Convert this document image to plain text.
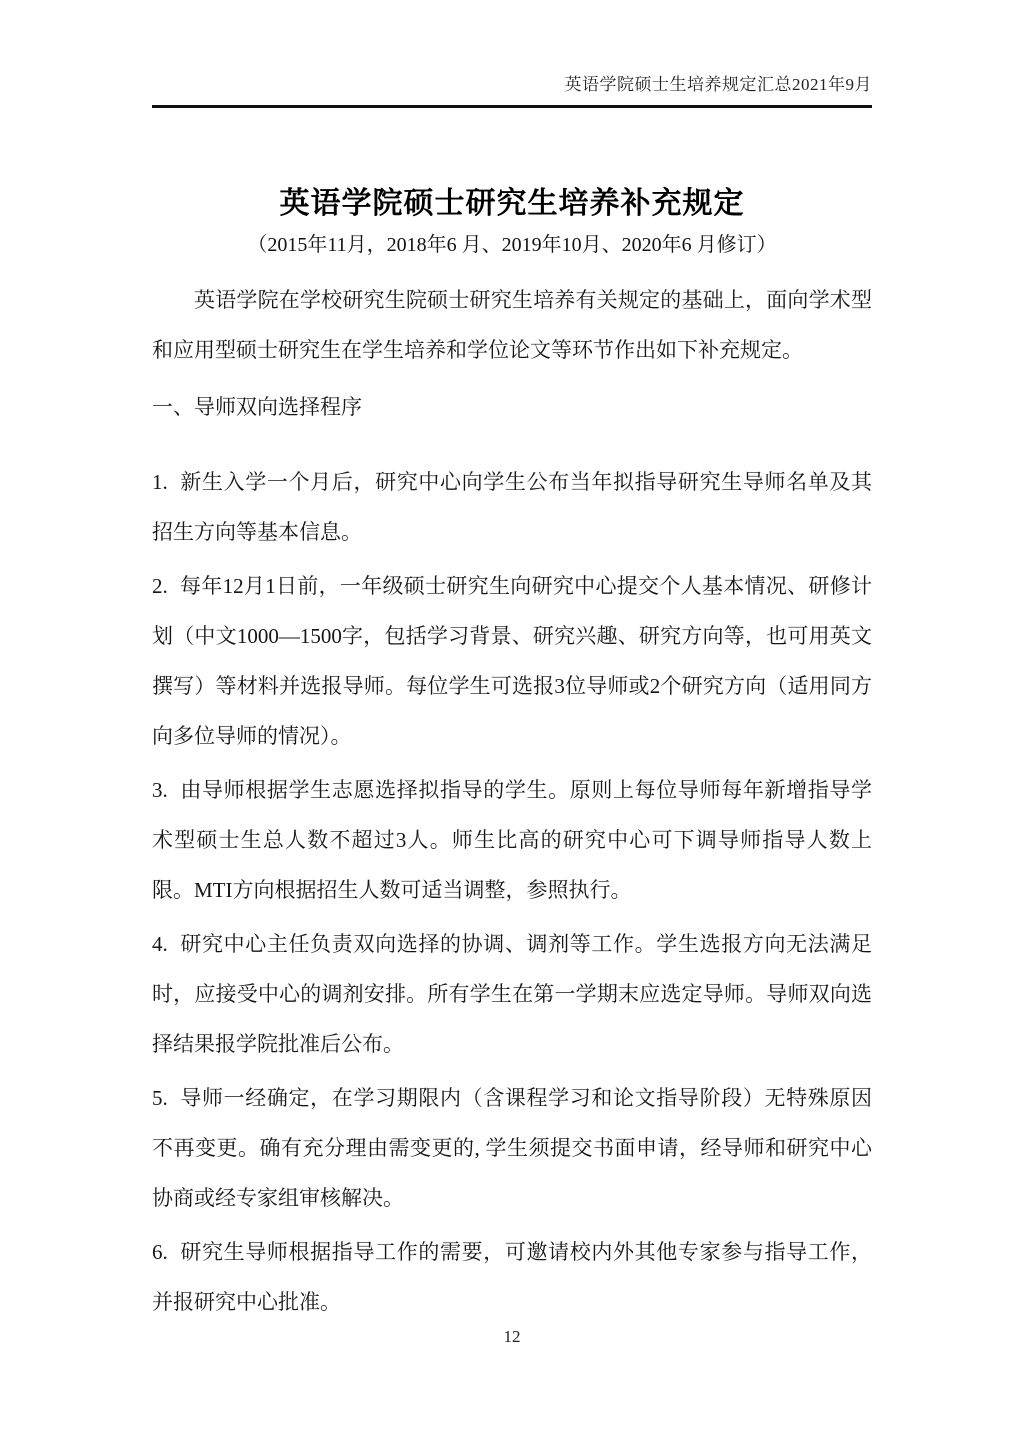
英语学院硕士生培养规定汇总2021年9月
英语学院硕士研究生培养补充规定
（2015年11月，2018年6 月、2019年10月、2020年6 月修订）

英语学院在学校研究生院硕士研究生培养有关规定的基础上，面向学术型和应用型硕士研究生在学生培养和学位论文等环节作出如下补充规定。

一、导师双向选择程序

1. 新生入学一个月后，研究中心向学生公布当年拟指导研究生导师名单及其招生方向等基本信息。

2. 每年12月1日前，一年级硕士研究生向研究中心提交个人基本情况、研修计划（中文1000—1500字，包括学习背景、研究兴趣、研究方向等，也可用英文撰写）等材料并选报导师。每位学生可选报3位导师或2个研究方向（适用同方向多位导师的情况）。

3. 由导师根据学生志愿选择拟指导的学生。原则上每位导师每年新增指导学术型硕士生总人数不超过3人。师生比高的研究中心可下调导师指导人数上限。MTI方向根据招生人数可适当调整，参照执行。

4. 研究中心主任负责双向选择的协调、调剂等工作。学生选报方向无法满足时，应接受中心的调剂安排。所有学生在第一学期末应选定导师。导师双向选择结果报学院批准后公布。

5. 导师一经确定，在学习期限内（含课程学习和论文指导阶段）无特殊原因不再变更。确有充分理由需变更的, 学生须提交书面申请，经导师和研究中心协商或经专家组审核解决。

6. 研究生导师根据指导工作的需要，可邀请校内外其他专家参与指导工作，并报研究中心批准。

12
